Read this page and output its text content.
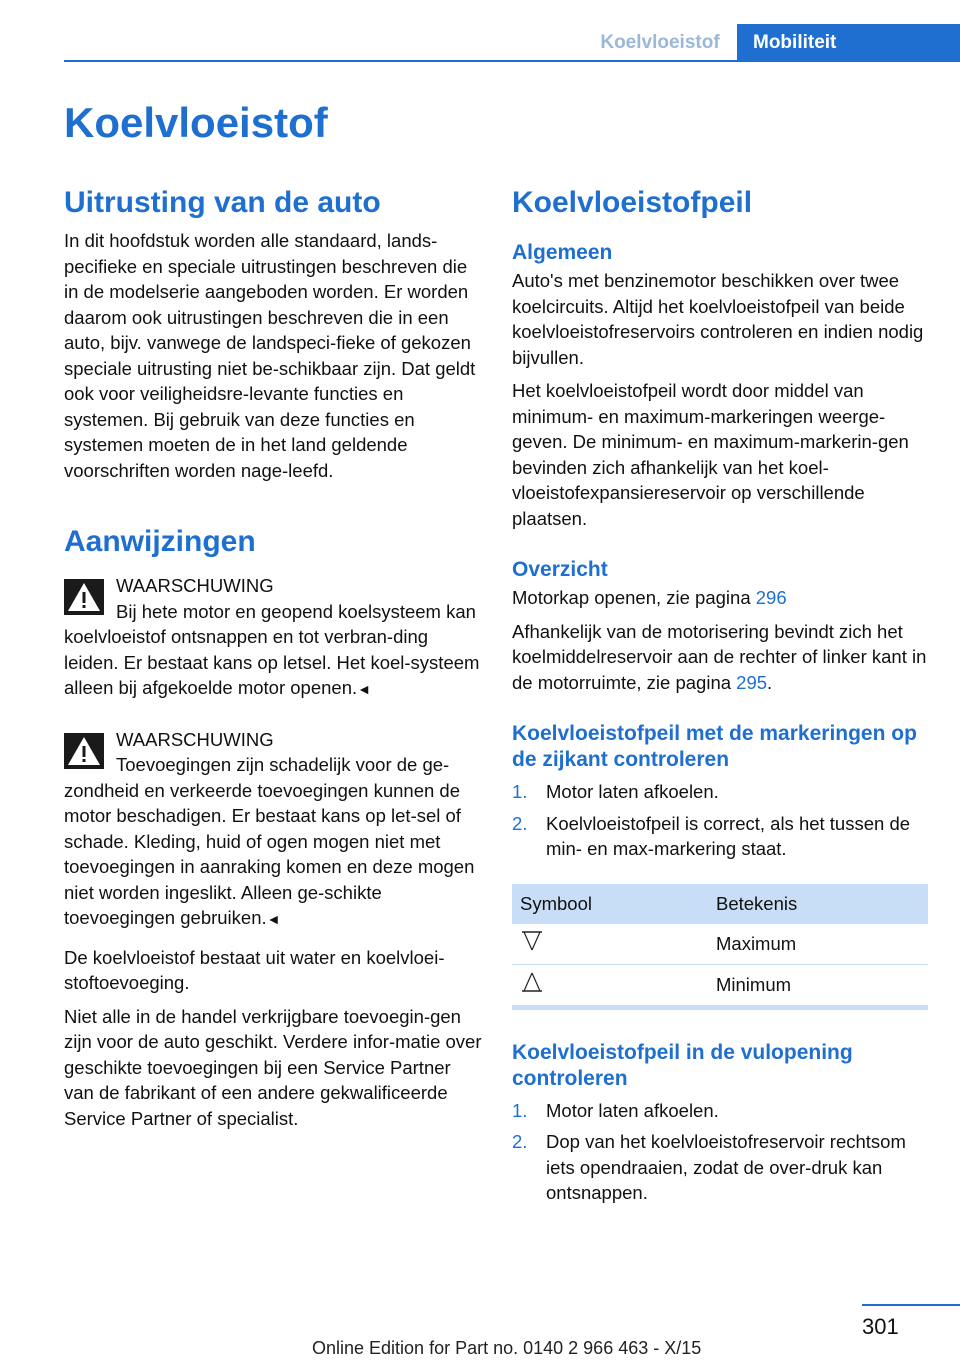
Koelvloeistof	Mobiliteit
Koelvloeistof
Uitrusting van de auto

In dit hoofdstuk worden alle standaard, lands-pecifieke en speciale uitrustingen beschreven die in de modelserie aangeboden worden. Er worden daarom ook uitrustingen beschreven die in een auto, bijv. vanwege de landspeci-fieke of gekozen speciale uitrusting niet be-schikbaar zijn. Dat geldt ook voor veiligheidsre-levante functies en systemen. Bij gebruik van deze functies en systemen moeten de in het land geldende voorschriften worden nage-leefd.

Aanwijzingen
WAARSCHUWING

Bij hete motor en geopend koelsysteem kan koelvloeistof ontsnappen en tot verbran-ding leiden. Er bestaat kans op letsel. Het koel-systeem alleen bij afgekoelde motor openen.◄

WAARSCHUWING

Toevoegingen zijn schadelijk voor de ge-zondheid en verkeerde toevoegingen kunnen de motor beschadigen. Er bestaat kans op let-sel of schade. Kleding, huid of ogen mogen niet met toevoegingen in aanraking komen en deze mogen niet worden ingeslikt. Alleen ge-schikte toevoegingen gebruiken.◄

De koelvloeistof bestaat uit water en koelvloei-stoftoevoeging.

Niet alle in de handel verkrijgbare toevoegin-gen zijn voor de auto geschikt. Verdere infor-matie over geschikte toevoegingen bij een Service Partner van de fabrikant of een andere gekwalificeerde Service Partner of specialist.

Koelvloeistofpeil
Algemeen

Auto's met benzinemotor beschikken over twee koelcircuits. Altijd het koelvloeistofpeil van beide koelvloeistofreservoirs controleren en indien nodig bijvullen.

Het koelvloeistofpeil wordt door middel van minimum- en maximum-markeringen weerge-geven. De minimum- en maximum-markerin-gen bevinden zich afhankelijk van het koel-vloeistofexpansiereservoir op verschillende plaatsen.

Overzicht

Motorkap openen, zie pagina 296

Afhankelijk van de motorisering bevindt zich het koelmiddelreservoir aan de rechter of linker kant in de motorruimte, zie pagina 295.

Koelvloeistofpeil met de markeringen op de zijkant controleren
1. Motor laten afkoelen.
2. Koelvloeistofpeil is correct, als het tussen de min- en max-markering staat.
Symbool	Betekenis
	Maximum
	Minimum
Koelvloeistofpeil in de vulopening controleren
1. Motor laten afkoelen.
2. Dop van het koelvloeistofreservoir rechtsom iets opendraaien, zodat de over-druk kan ontsnappen.
301
Online Edition for Part no. 0140 2 966 463 - X/15
